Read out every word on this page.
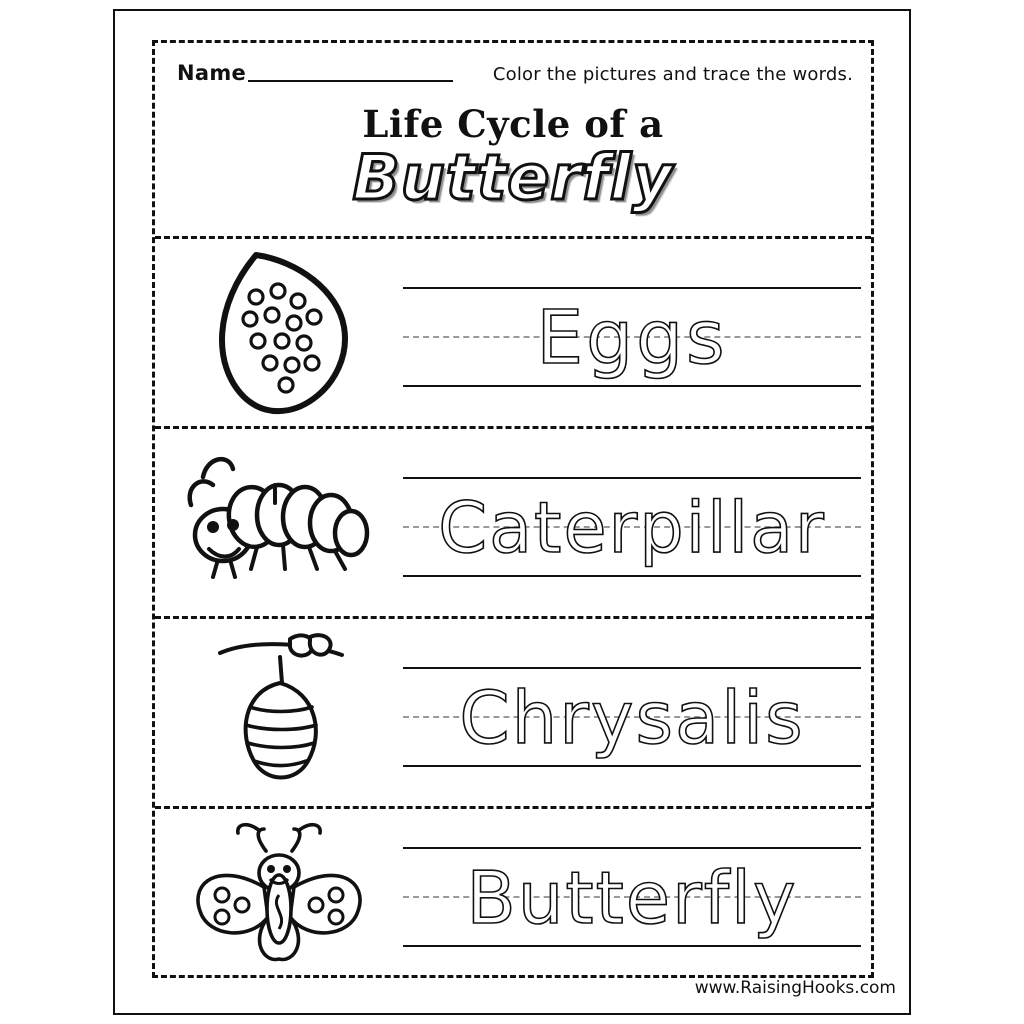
Name	Color the pictures and trace the words.
Life Cycle of a
Butterfly
Eggs
Caterpillar
Chrysalis
Butterfly
www.RaisingHooks.com
